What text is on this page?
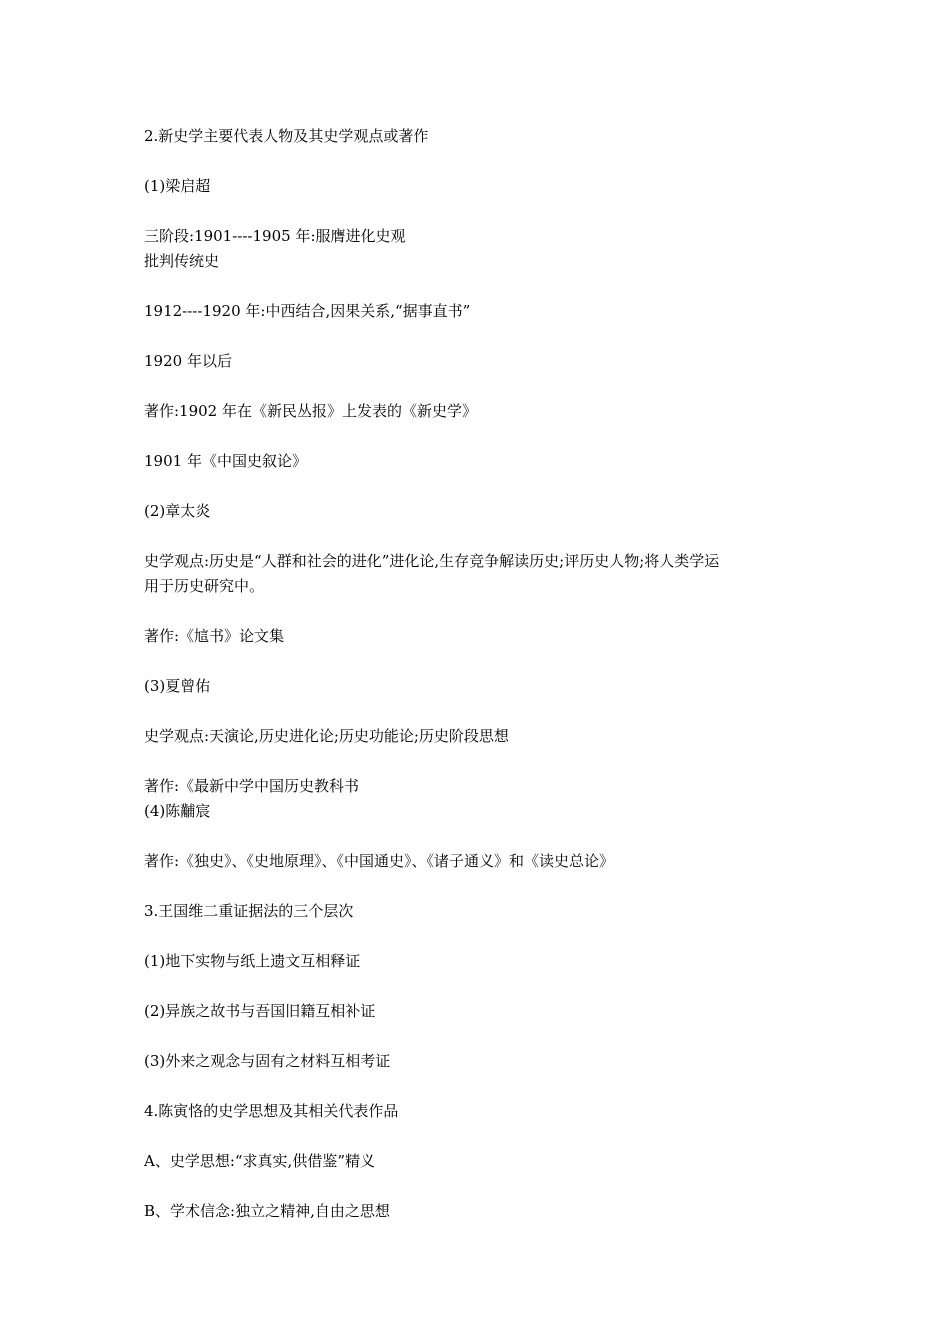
2.新史学主要代表人物及其史学观点或著作
(1)梁启超
三阶段:1901----1905 年:服膺进化史观
批判传统史
1912----1920 年:中西结合,因果关系,“据事直书”
1920 年以后
著作:1902 年在《新民丛报》上发表的《新史学》
1901 年《中国史叙论》
(2)章太炎
史学观点:历史是“人群和社会的进化”进化论,生存竞争解读历史;评历史人物;将人类学运
用于历史研究中。
著作:《訄书》论文集
(3)夏曾佑
史学观点:天演论,历史进化论;历史功能论;历史阶段思想
著作:《最新中学中国历史教科书
(4)陈黼宸
著作:《独史》、《史地原理》、《中国通史》、《诸子通义》和《读史总论》
3.王国维二重证据法的三个层次
(1)地下实物与纸上遗文互相释证
(2)异族之故书与吾国旧籍互相补证
(3)外来之观念与固有之材料互相考证
4.陈寅恪的史学思想及其相关代表作品
A、史学思想:“求真实,供借鉴”精义
B、学术信念:独立之精神,自由之思想
